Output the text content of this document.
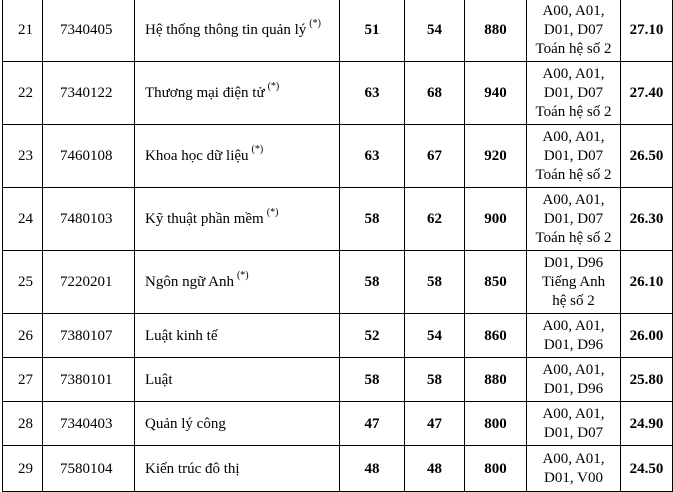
21	7340405	Hệ thống thông tin quản lý (*)	51	54	880	A00, A01,
D01, D07
Toán hệ số 2	27.10
22	7340122	Thương mại điện tử (*)	63	68	940	A00, A01,
D01, D07
Toán hệ số 2	27.40
23	7460108	Khoa học dữ liệu (*)	63	67	920	A00, A01,
D01, D07
Toán hệ số 2	26.50
24	7480103	Kỹ thuật phần mềm (*)	58	62	900	A00, A01,
D01, D07
Toán hệ số 2	26.30
25	7220201	Ngôn ngữ Anh (*)	58	58	850	D01, D96
Tiếng Anh
hệ số 2	26.10
26	7380107	Luật kinh tế	52	54	860	A00, A01,
D01, D96	26.00
27	7380101	Luật	58	58	880	A00, A01,
D01, D96	25.80
28	7340403	Quản lý công	47	47	800	A00, A01,
D01, D07	24.90
29	7580104	Kiến trúc đô thị	48	48	800	A00, A01,
D01, V00	24.50
